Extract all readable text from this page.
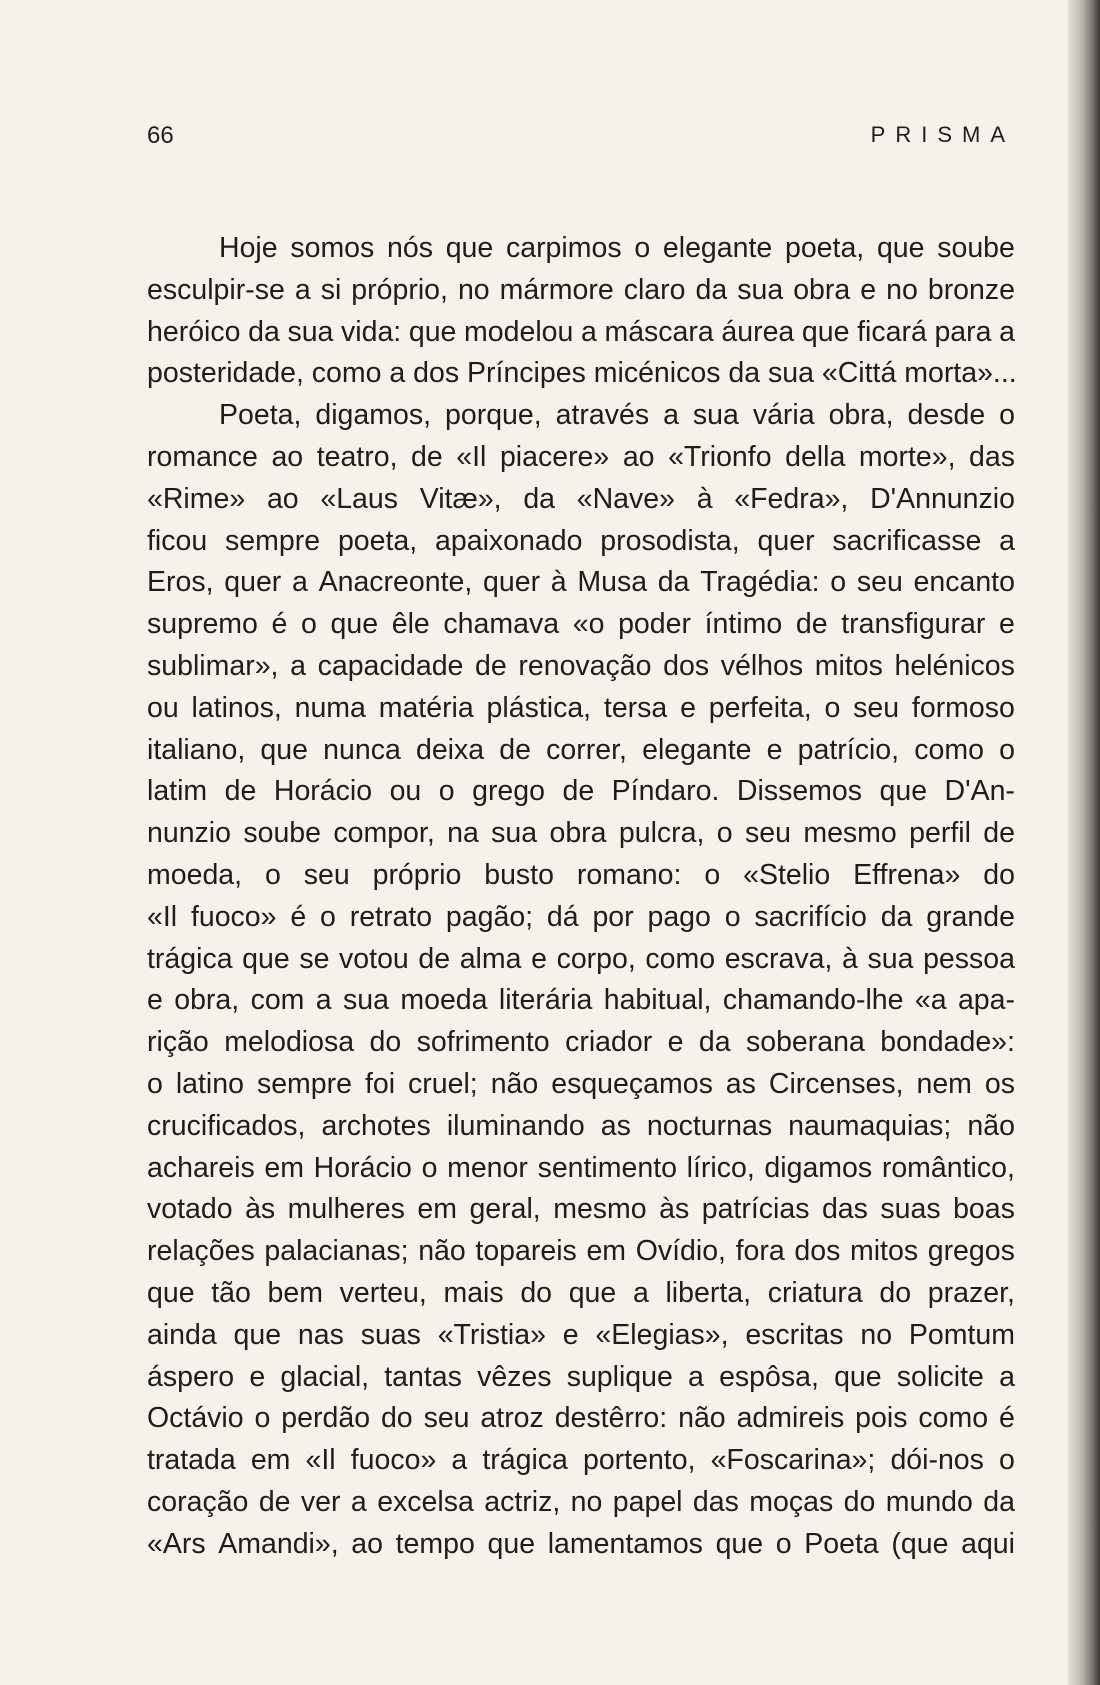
66	PRISMA
Hoje somos nós que carpimos o elegante poeta, que soube
esculpir-se a si próprio, no mármore claro da sua obra e no bronze
heróico da sua vida: que modelou a máscara áurea que ficará para a
posteridade, como a dos Príncipes micénicos da sua «Cittá morta»...
Poeta, digamos, porque, através a sua vária obra, desde o
romance ao teatro, de «Il piacere» ao «Trionfo della morte», das
«Rime» ao «Laus Vitæ», da «Nave» à «Fedra», D'Annunzio
ficou sempre poeta, apaixonado prosodista, quer sacrificasse a
Eros, quer a Anacreonte, quer à Musa da Tragédia: o seu encanto
supremo é o que êle chamava «o poder íntimo de transfigurar e
sublimar», a capacidade de renovação dos vélhos mitos helénicos
ou latinos, numa matéria plástica, tersa e perfeita, o seu formoso
italiano, que nunca deixa de correr, elegante e patrício, como o
latim de Horácio ou o grego de Píndaro. Dissemos que D'An-
nunzio soube compor, na sua obra pulcra, o seu mesmo perfil de
moeda, o seu próprio busto romano: o «Stelio Effrena» do
«Il fuoco» é o retrato pagão; dá por pago o sacrifício da grande
trágica que se votou de alma e corpo, como escrava, à sua pessoa
e obra, com a sua moeda literária habitual, chamando-lhe «a apa-
rição melodiosa do sofrimento criador e da soberana bondade»:
o latino sempre foi cruel; não esqueçamos as Circenses, nem os
crucificados, archotes iluminando as nocturnas naumaquias; não
achareis em Horácio o menor sentimento lírico, digamos romântico,
votado às mulheres em geral, mesmo às patrícias das suas boas
relações palacianas; não topareis em Ovídio, fora dos mitos gregos
que tão bem verteu, mais do que a liberta, criatura do prazer,
ainda que nas suas «Tristia» e «Elegias», escritas no Pomtum
áspero e glacial, tantas vêzes suplique a espôsa, que solicite a
Octávio o perdão do seu atroz destêrro: não admireis pois como é
tratada em «Il fuoco» a trágica portento, «Foscarina»; dói-nos o
coração de ver a excelsa actriz, no papel das moças do mundo da
«Ars Amandi», ao tempo que lamentamos que o Poeta (que aqui
